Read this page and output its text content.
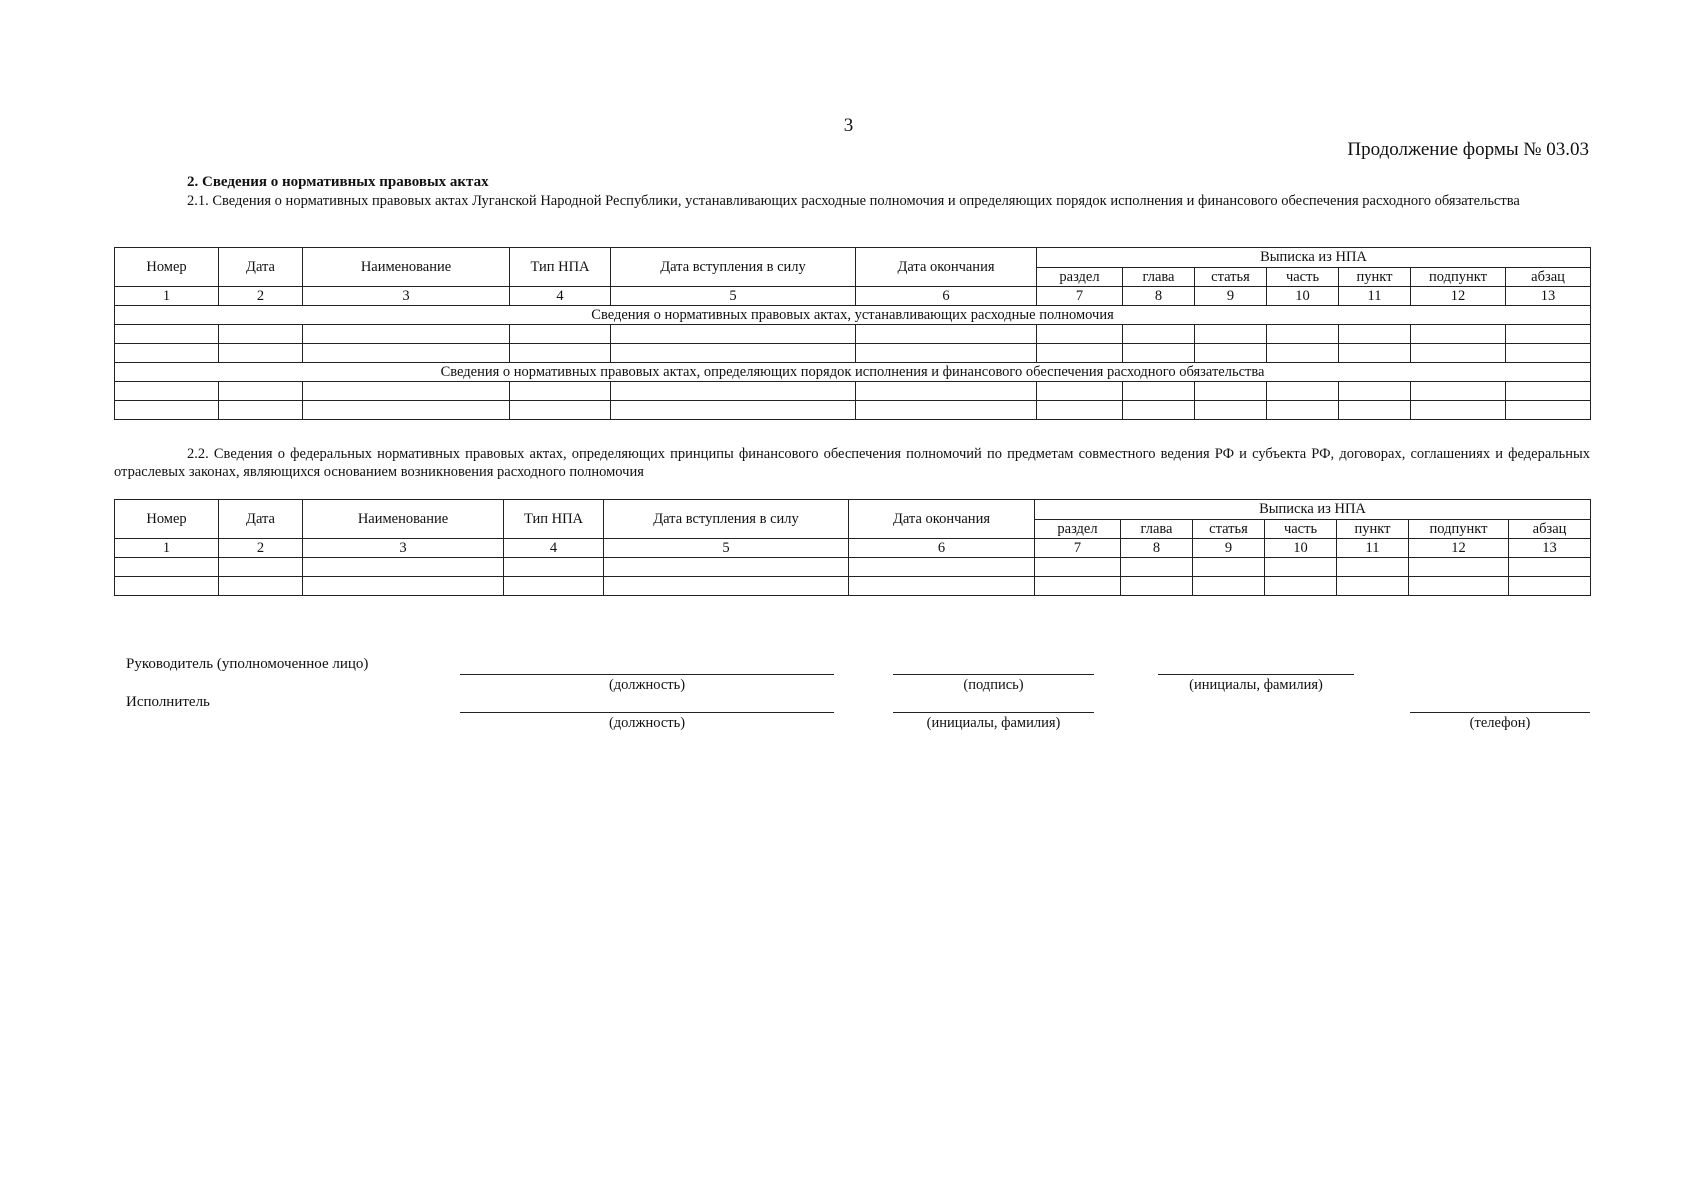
3
Продолжение формы № 03.03
2. Сведения о нормативных правовых актах
2.1. Сведения о нормативных правовых актах Луганской Народной Республики, устанавливающих расходные полномочия и определяющих порядок исполнения и финансового обеспечения расходного обязательства
Номер	Дата	Наименование	Тип НПА	Дата вступления в силу	Дата окончания	Выписка из НПА						
						раздел	глава	статья	часть	пункт	подпункт	абзац
1	2	3	4	5	6	7	8	9	10	11	12	13
Сведения о нормативных правовых актах, устанавливающих расходные полномочия												

Сведения о нормативных правовых актах, определяющих порядок исполнения и финансового обеспечения расходного обязательства												

2.2. Сведения о федеральных нормативных правовых актах, определяющих принципы финансового обеспечения полномочий по предметам совместного ведения РФ и субъекта РФ, договорах, соглашениях и федеральных отраслевых законах, являющихся основанием возникновения расходного полномочия
Номер	Дата	Наименование	Тип НПА	Дата вступления в силу	Дата окончания	Выписка из НПА						
						раздел	глава	статья	часть	пункт	подпункт	абзац
1	2	3	4	5	6	7	8	9	10	11	12	13

Руководитель (уполномоченное лицо)
(должность)	(подпись)	(инициалы, фамилия)
Исполнитель
(должность)	(инициалы, фамилия)	(телефон)
